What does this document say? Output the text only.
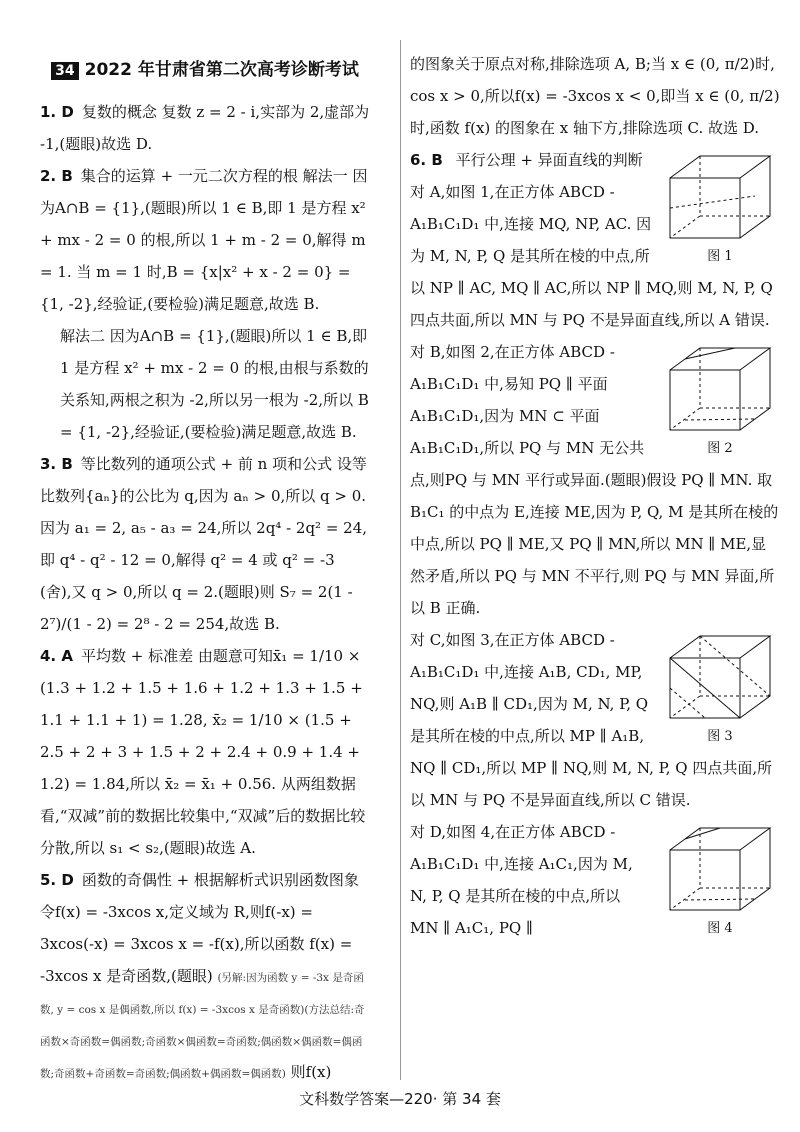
34 2022 年甘肃省第二次高考诊断考试

1. D 复数的概念 复数 z = 2 - i,实部为 2,虚部为 -1,(题眼)故选 D.

2. B 集合的运算 + 一元二次方程的根 解法一 因为A∩B = {1},(题眼)所以 1 ∈ B,即 1 是方程 x² + mx - 2 = 0 的根,所以 1 + m - 2 = 0,解得 m = 1. 当 m = 1 时,B = {x|x² + x - 2 = 0} = {1, -2},经验证,(要检验)满足题意,故选 B.

解法二 因为A∩B = {1},(题眼)所以 1 ∈ B,即 1 是方程 x² + mx - 2 = 0 的根,由根与系数的关系知,两根之积为 -2,所以另一根为 -2,所以 B = {1, -2},经验证,(要检验)满足题意,故选 B.

3. B 等比数列的通项公式 + 前 n 项和公式 设等比数列{aₙ}的公比为 q,因为 aₙ > 0,所以 q > 0. 因为 a₁ = 2, a₅ - a₃ = 24,所以 2q⁴ - 2q² = 24,即 q⁴ - q² - 12 = 0,解得 q² = 4 或 q² = -3 (舍),又 q > 0,所以 q = 2.(题眼)则 S₇ = 2(1 - 2⁷)/(1 - 2) = 2⁸ - 2 = 254,故选 B.

4. A 平均数 + 标准差 由题意可知x̄₁ = 1/10 × (1.3 + 1.2 + 1.5 + 1.6 + 1.2 + 1.3 + 1.5 + 1.1 + 1.1 + 1) = 1.28, x̄₂ = 1/10 × (1.5 + 2.5 + 2 + 3 + 1.5 + 2 + 2.4 + 0.9 + 1.4 + 1.2) = 1.84,所以 x̄₂ = x̄₁ + 0.56. 从两组数据看,“双减”前的数据比较集中,“双减”后的数据比较分散,所以 s₁ < s₂,(题眼)故选 A.

5. D 函数的奇偶性 + 根据解析式识别函数图象 令f(x) = -3xcos x,定义域为 R,则f(-x) = 3xcos(-x) = 3xcos x = -f(x),所以函数 f(x) = -3xcos x 是奇函数,(题眼) (另解:因为函数 y = -3x 是奇函数, y = cos x 是偶函数,所以 f(x) = -3xcos x 是奇函数)(方法总结:奇函数×奇函数=偶函数;奇函数×偶函数=奇函数;偶函数×偶函数=偶函数;奇函数+奇函数=奇函数;偶函数+偶函数=偶函数) 则f(x)

的图象关于原点对称,排除选项 A, B;当 x ∈ (0, π/2)时, cos x > 0,所以f(x) = -3xcos x < 0,即当 x ∈ (0, π/2)时,函数 f(x) 的图象在 x 轴下方,排除选项 C. 故选 D.

6. B
图 1
平行公理 + 异面直线的判断 对 A,如图 1,在正方体 ABCD - A₁B₁C₁D₁ 中,连接 MQ, NP, AC. 因为 M, N, P, Q 是其所在棱的中点,所以 NP ∥ AC, MQ ∥ AC,所以 NP ∥ MQ,则 M, N, P, Q 四点共面,所以 MN 与 PQ 不是异面直线,所以 A 错误.

图 2
对 B,如图 2,在正方体 ABCD - A₁B₁C₁D₁ 中,易知 PQ ∥ 平面 A₁B₁C₁D₁,因为 MN ⊂ 平面 A₁B₁C₁D₁,所以 PQ 与 MN 无公共点,则PQ 与 MN 平行或异面.(题眼)假设 PQ ∥ MN. 取 B₁C₁ 的中点为 E,连接 ME,因为 P, Q, M 是其所在棱的中点,所以 PQ ∥ ME,又 PQ ∥ MN,所以 MN ∥ ME,显然矛盾,所以 PQ 与 MN 不平行,则 PQ 与 MN 异面,所以 B 正确.

图 3
对 C,如图 3,在正方体 ABCD - A₁B₁C₁D₁ 中,连接 A₁B, CD₁, MP, NQ,则 A₁B ∥ CD₁,因为 M, N, P, Q 是其所在棱的中点,所以 MP ∥ A₁B, NQ ∥ CD₁,所以 MP ∥ NQ,则 M, N, P, Q 四点共面,所以 MN 与 PQ 不是异面直线,所以 C 错误.

图 4
对 D,如图 4,在正方体 ABCD - A₁B₁C₁D₁ 中,连接 A₁C₁,因为 M, N, P, Q 是其所在棱的中点,所以 MN ∥ A₁C₁, PQ ∥

文科数学答案—220· 第 34 套
